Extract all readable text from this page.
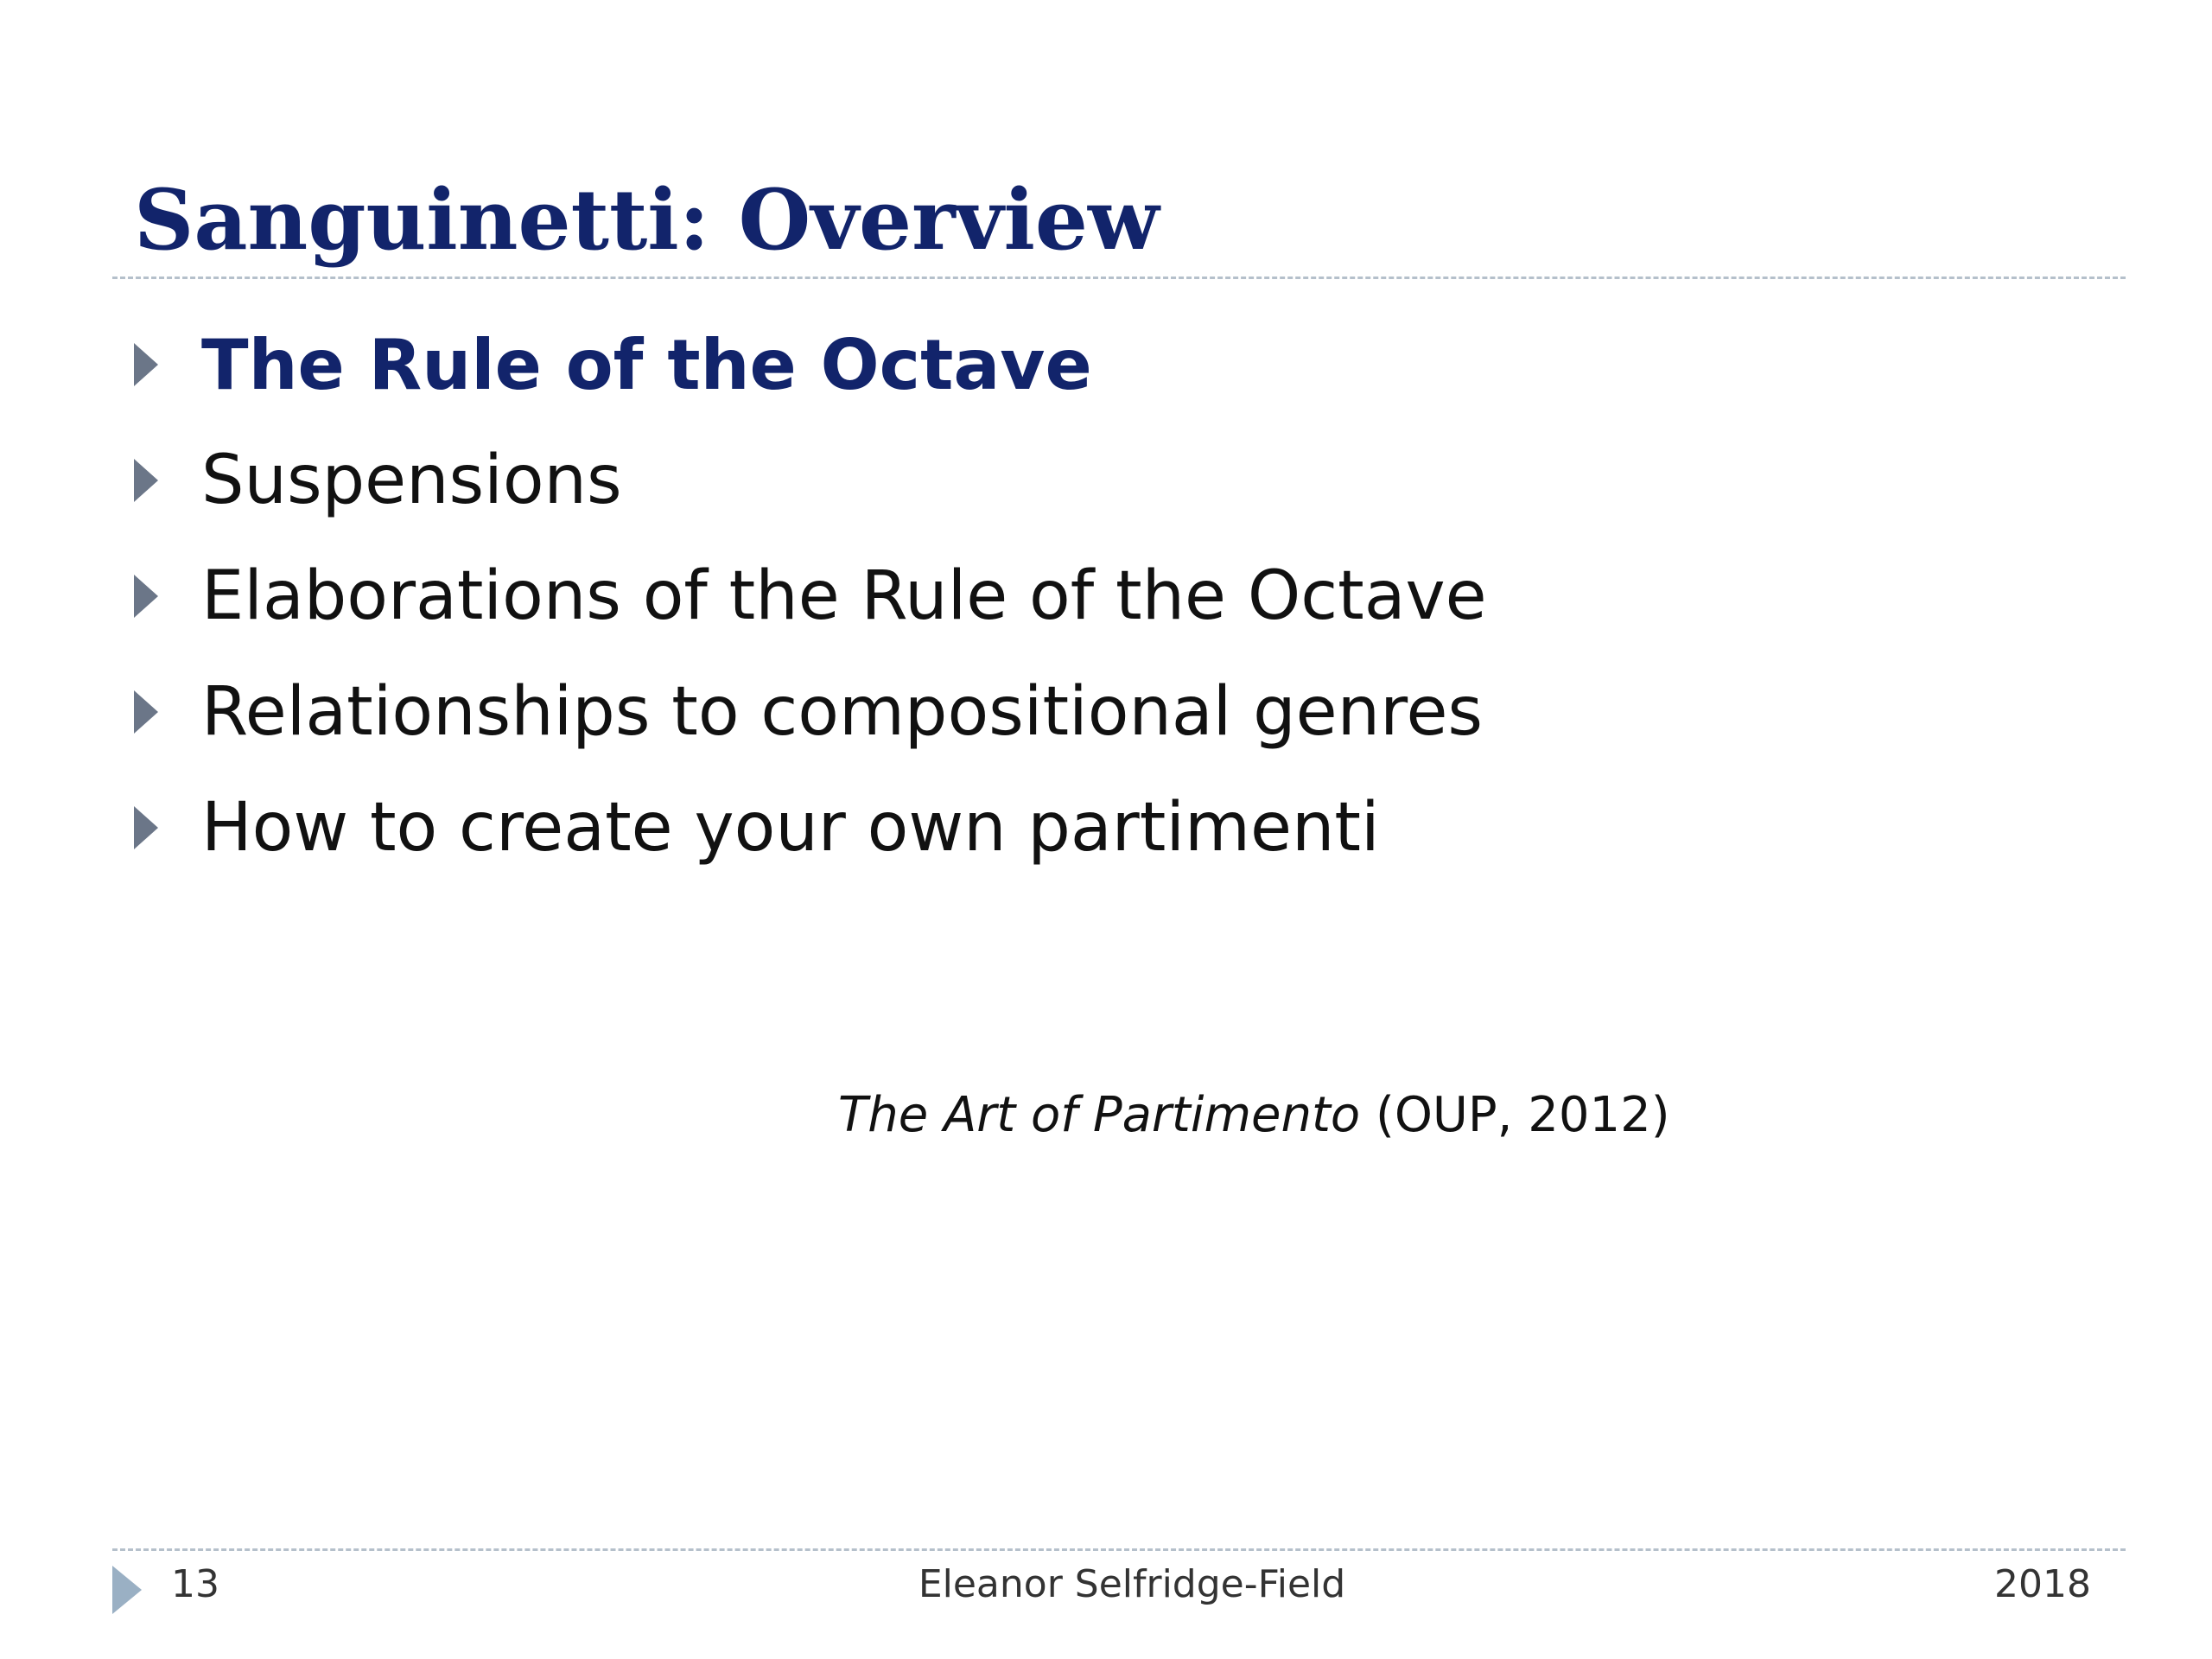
Sanguinetti: Overview
The Rule of the Octave
Suspensions
Elaborations of the Rule of the Octave
Relationships to compositional genres
How to create your own partimenti
The Art of Partimento (OUP, 2012)
13	Eleanor Selfridge-Field	2018
